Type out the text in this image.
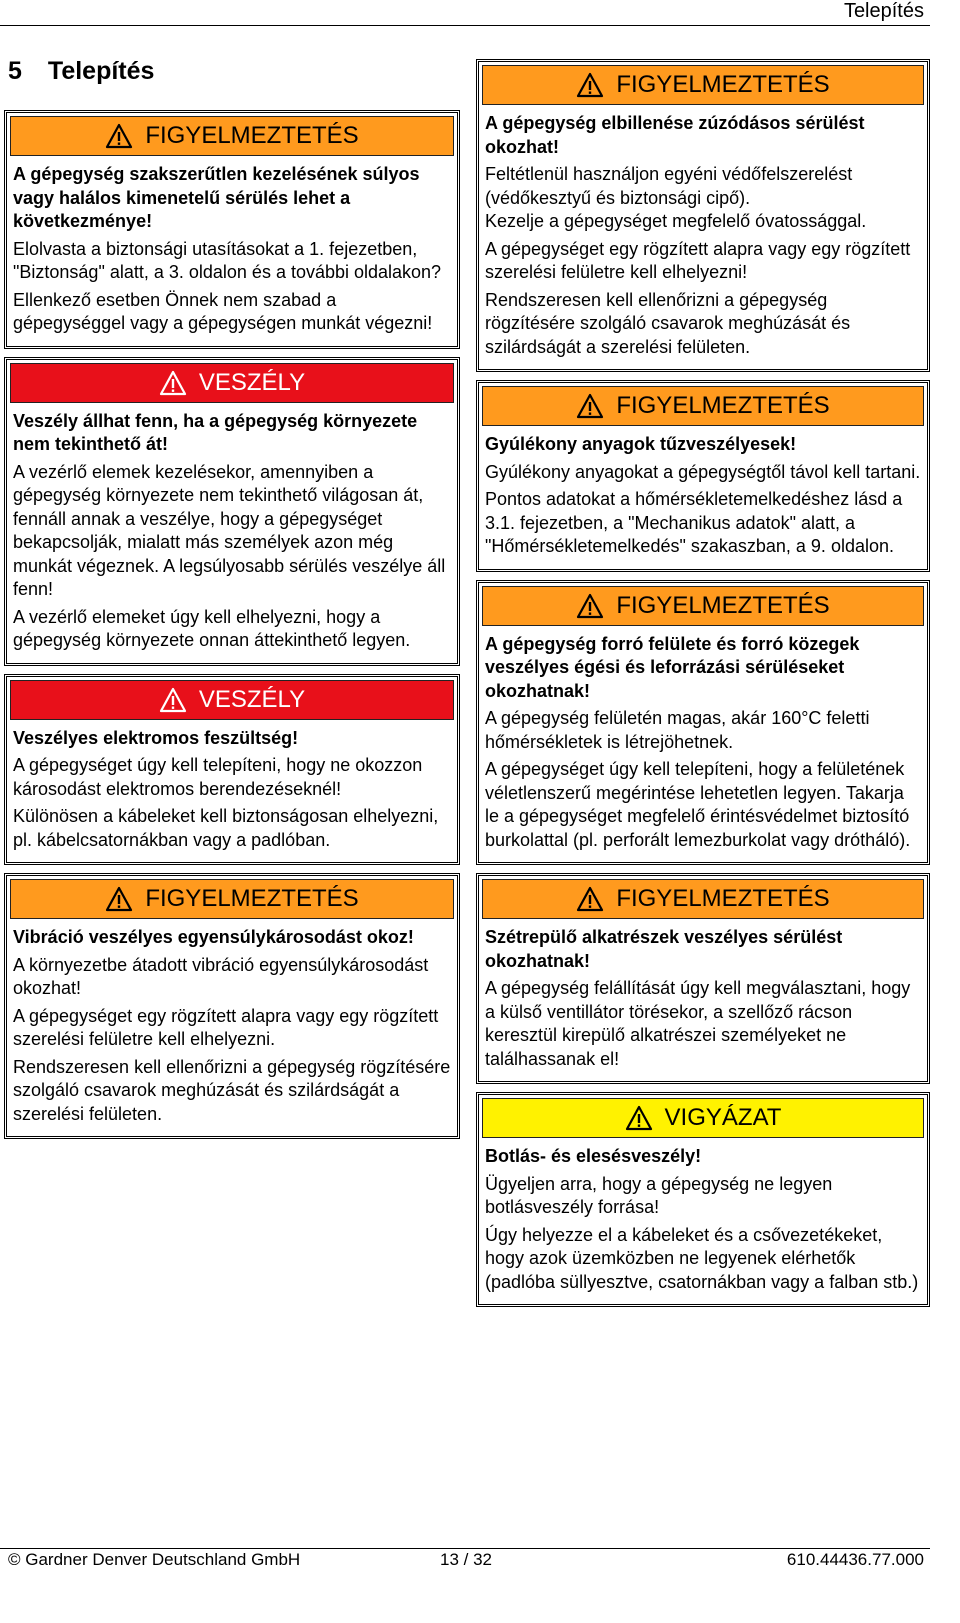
Telepítés
5 Telepítés
FIGYELMEZTETÉS
A gépegység szakszerűtlen kezelésének súlyos vagy halálos kimenetelű sérülés lehet a következménye!

Elolvasta a biztonsági utasításokat a 1. fejezetben, "Biztonság" alatt, a 3. oldalon és a további oldalakon?

Ellenkező esetben Önnek nem szabad a gépegységgel vagy a gépegységen munkát végezni!

VESZÉLY
Veszély állhat fenn, ha a gépegység környezete nem tekinthető át!

A vezérlő elemek kezelésekor, amennyiben a gépegység környezete nem tekinthető világosan át, fennáll annak a veszélye, hogy a gépegységet bekapcsolják, mialatt más személyek azon még munkát végeznek. A legsúlyosabb sérülés veszélye áll fenn!

A vezérlő elemeket úgy kell elhelyezni, hogy a gépegység környezete onnan áttekinthető legyen.

VESZÉLY
Veszélyes elektromos feszültség!

A gépegységet úgy kell telepíteni, hogy ne okozzon károsodást elektromos berendezéseknél!

Különösen a kábeleket kell biztonságosan elhelyezni, pl. kábelcsatornákban vagy a padlóban.

FIGYELMEZTETÉS
Vibráció veszélyes egyensúlykárosodást okoz!

A környezetbe átadott vibráció egyensúlykárosodást okozhat!

A gépegységet egy rögzített alapra vagy egy rögzített szerelési felületre kell elhelyezni.

Rendszeresen kell ellenőrizni a gépegység rögzítésére szolgáló csavarok meghúzását és szilárdságát a szerelési felületen.

FIGYELMEZTETÉS
A gépegység elbillenése zúzódásos sérülést okozhat!

Feltétlenül használjon egyéni védőfelszerelést (védőkesztyű és biztonsági cipő).
Kezelje a gépegységet megfelelő óvatossággal.

A gépegységet egy rögzített alapra vagy egy rögzített szerelési felületre kell elhelyezni!

Rendszeresen kell ellenőrizni a gépegység rögzítésére szolgáló csavarok meghúzását és szilárdságát a szerelési felületen.

FIGYELMEZTETÉS
Gyúlékony anyagok tűzveszélyesek!

Gyúlékony anyagokat a gépegységtől távol kell tartani.

Pontos adatokat a hőmérsékletemelkedéshez lásd a 3.1. fejezetben, a "Mechanikus adatok" alatt, a "Hőmérsékletemelkedés" szakaszban, a 9. oldalon.

FIGYELMEZTETÉS
A gépegység forró felülete és forró közegek veszélyes égési és leforrázási sérüléseket okozhatnak!

A gépegység felületén magas, akár 160°C feletti hőmérsékletek is létrejöhetnek.

A gépegységet úgy kell telepíteni, hogy a felületének véletlenszerű megérintése lehetetlen legyen. Takarja le a gépegységet megfelelő érintésvédelmet biztosító burkolattal (pl. perforált lemezburkolat vagy drótháló).

FIGYELMEZTETÉS
Szétrepülő alkatrészek veszélyes sérülést okozhatnak!

A gépegység felállítását úgy kell megválasztani, hogy a külső ventillátor törésekor, a szellőző rácson keresztül kirepülő alkatrészei személyeket ne találhassanak el!

VIGYÁZAT
Botlás- és elesésveszély!

Ügyeljen arra, hogy a gépegység ne legyen botlásveszély forrása!

Úgy helyezze el a kábeleket és a csővezetékeket, hogy azok üzemközben ne legyenek elérhetők (padlóba süllyesztve, csatornákban vagy a falban stb.)

© Gardner Denver Deutschland GmbH	13 / 32	610.44436.77.000
